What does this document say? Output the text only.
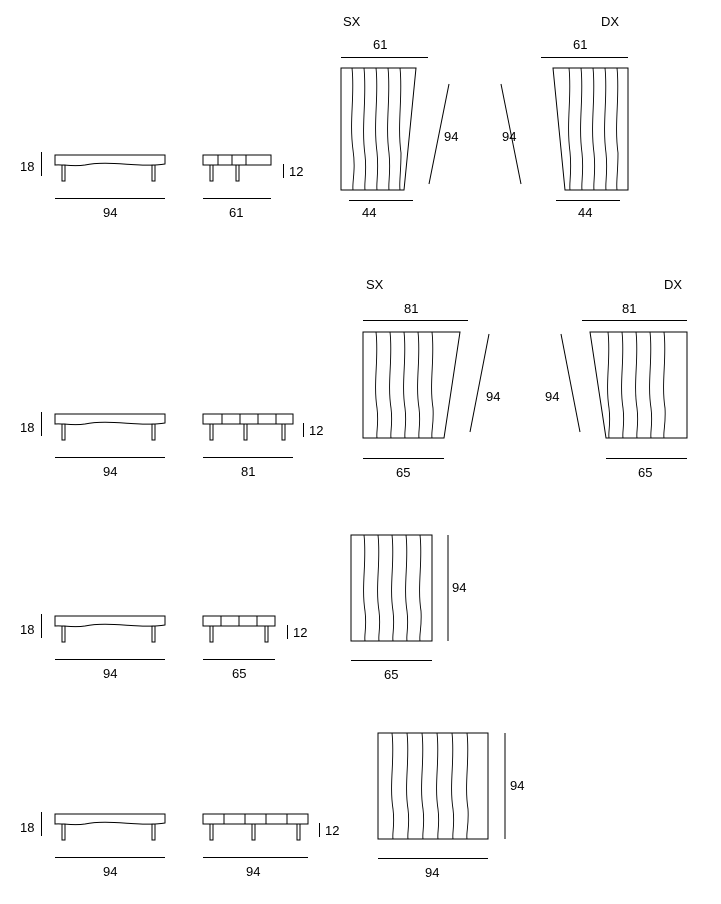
SX	DX
61
94
44
61
94
44
18
94	61
12
SX	DX
81
94
65
81
94
65
18
94	81
12
94
65
18
94	65
12
94
94
18
94	94
12
